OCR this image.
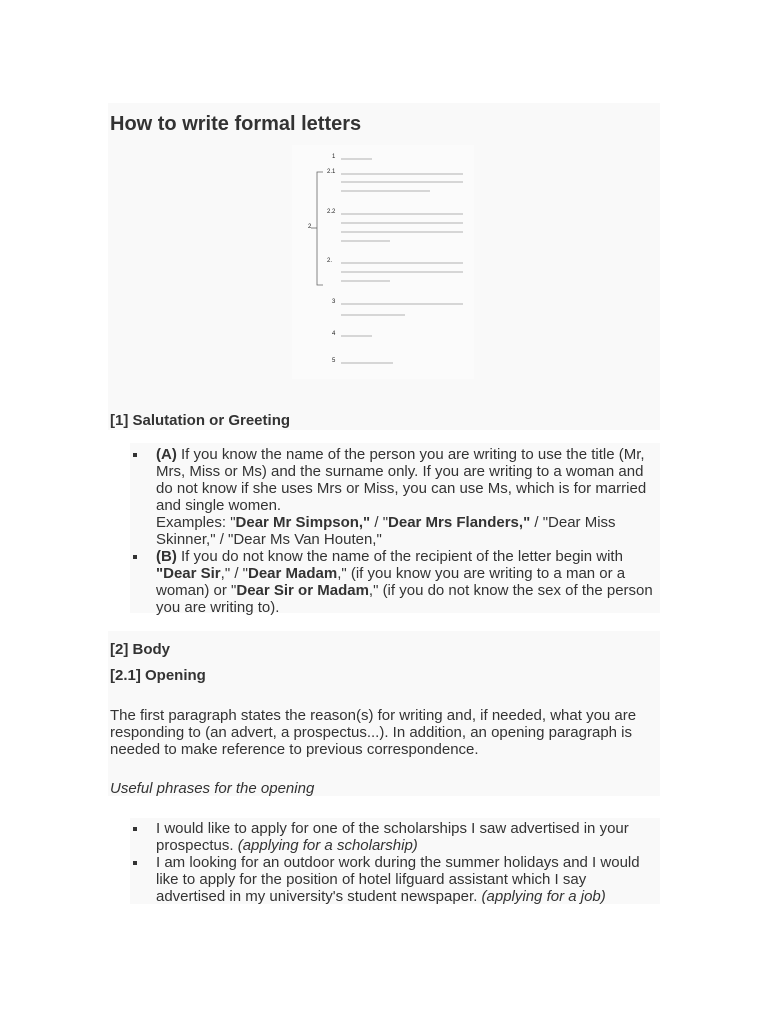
How to write formal letters
1
2.1
2.2
2
2.
3
4
5
[1] Salutation or Greeting
(A) If you know the name of the person you are writing to use the title (Mr, Mrs, Miss or Ms) and the surname only. If you are writing to a woman and do not know if she uses Mrs or Miss, you can use Ms, which is for married and single women.
Examples: "Dear Mr Simpson," / "Dear Mrs Flanders," / "Dear Miss Skinner," / "Dear Ms Van Houten,"
(B) If you do not know the name of the recipient of the letter begin with "Dear Sir," / "Dear Madam," (if you know you are writing to a man or a woman) or "Dear Sir or Madam," (if you do not know the sex of the person you are writing to).
[2] Body
[2.1] Opening
The first paragraph states the reason(s) for writing and, if needed, what you are responding to (an advert, a prospectus...). In addition, an opening paragraph is needed to make reference to previous correspondence.
Useful phrases for the opening
I would like to apply for one of the scholarships I saw advertised in your prospectus. (applying for a scholarship)
I am looking for an outdoor work during the summer holidays and I would like to apply for the position of hotel lifguard assistant which I say advertised in my university's student newspaper. (applying for a job)
